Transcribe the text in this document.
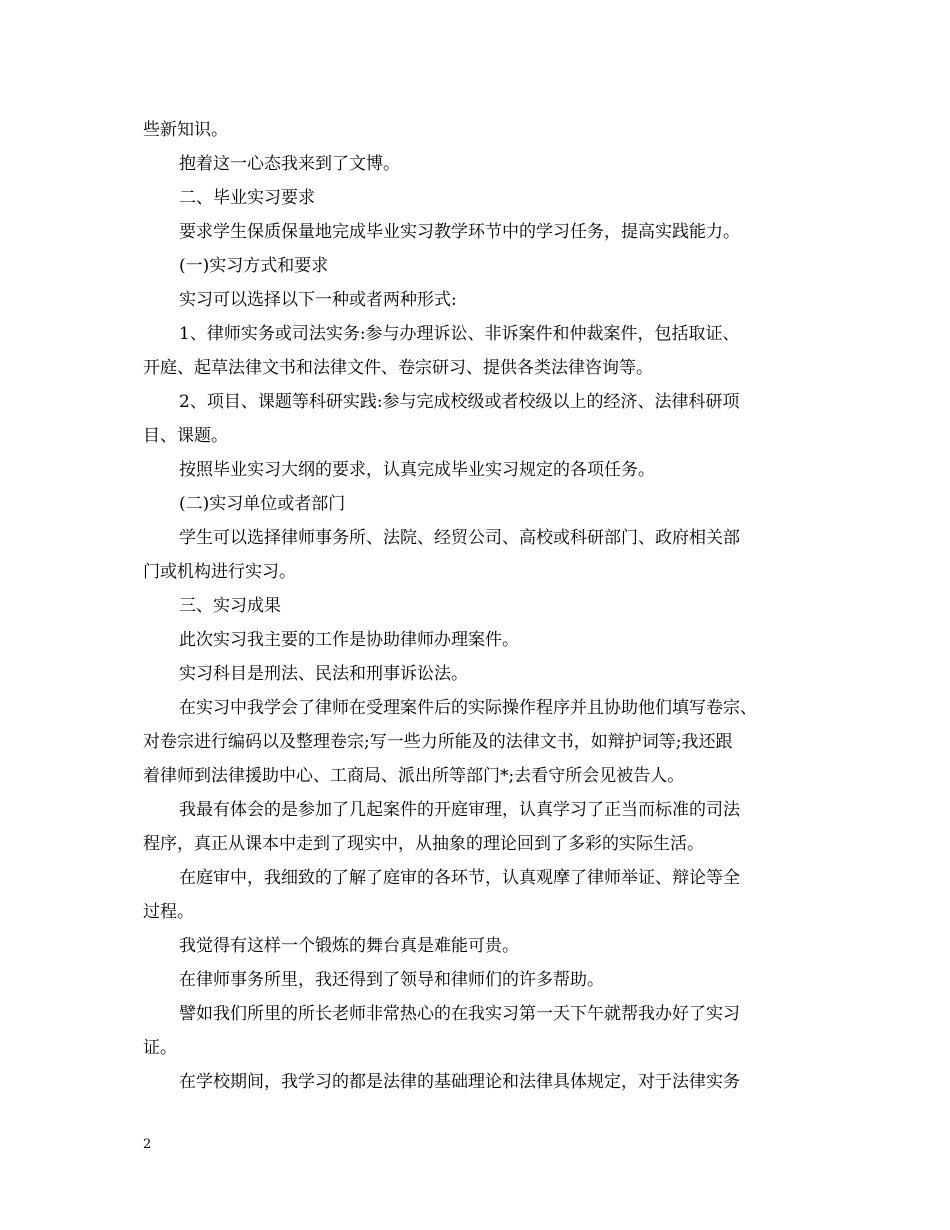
些新知识。
抱着这一心态我来到了文博。
二、毕业实习要求
要求学生保质保量地完成毕业实习教学环节中的学习任务，提高实践能力。
(一)实习方式和要求
实习可以选择以下一种或者两种形式:
1、律师实务或司法实务:参与办理诉讼、非诉案件和仲裁案件，包括取证、
开庭、起草法律文书和法律文件、卷宗研习、提供各类法律咨询等。
2、项目、课题等科研实践:参与完成校级或者校级以上的经济、法律科研项
目、课题。
按照毕业实习大纲的要求，认真完成毕业实习规定的各项任务。
(二)实习单位或者部门
学生可以选择律师事务所、法院、经贸公司、高校或科研部门、政府相关部
门或机构进行实习。
三、实习成果
此次实习我主要的工作是协助律师办理案件。
实习科目是刑法、民法和刑事诉讼法。
在实习中我学会了律师在受理案件后的实际操作程序并且协助他们填写卷宗、
对卷宗进行编码以及整理卷宗;写一些力所能及的法律文书，如辩护词等;我还跟
着律师到法律援助中心、工商局、派出所等部门*;去看守所会见被告人。
我最有体会的是参加了几起案件的开庭审理，认真学习了正当而标准的司法
程序，真正从课本中走到了现实中，从抽象的理论回到了多彩的实际生活。
在庭审中，我细致的了解了庭审的各环节，认真观摩了律师举证、辩论等全
过程。
我觉得有这样一个锻炼的舞台真是难能可贵。
在律师事务所里，我还得到了领导和律师们的许多帮助。
譬如我们所里的所长老师非常热心的在我实习第一天下午就帮我办好了实习
证。
在学校期间，我学习的都是法律的基础理论和法律具体规定，对于法律实务
2
